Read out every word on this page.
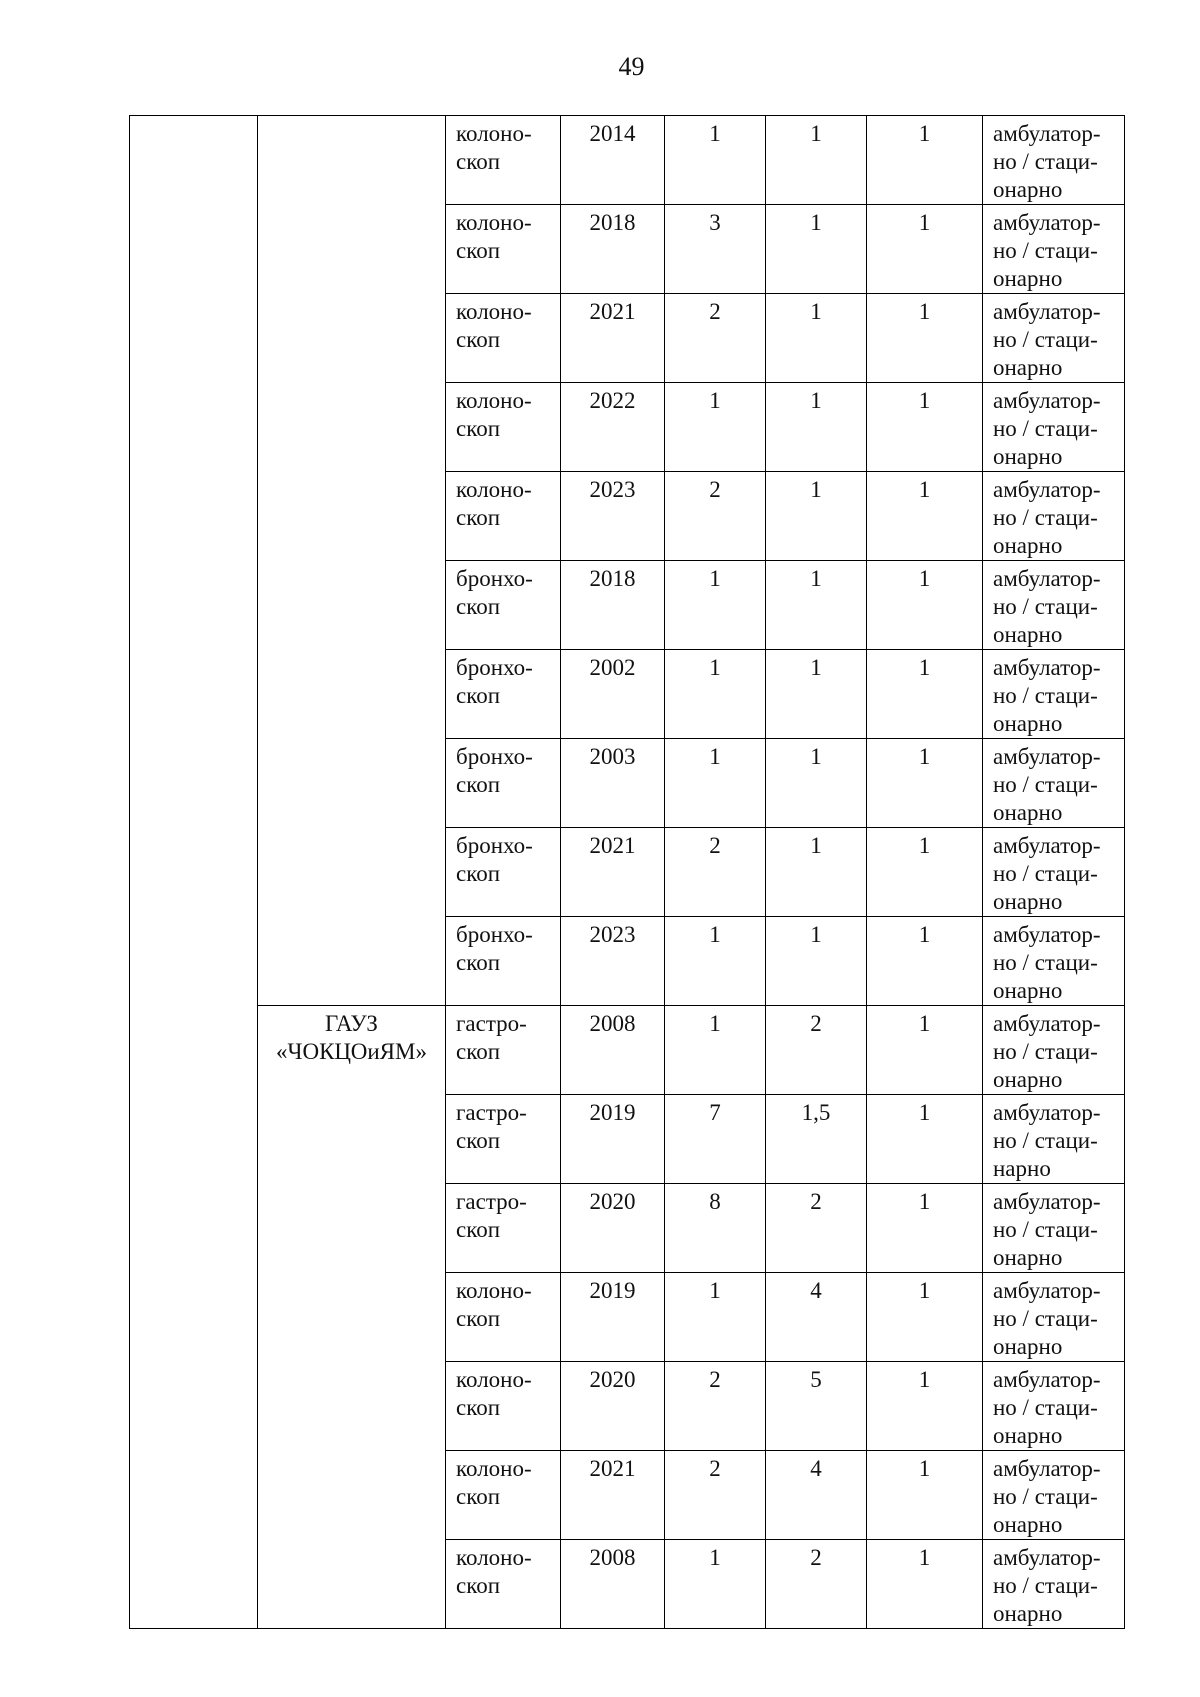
49

		колоно-
скоп	2014	1	1	1	амбулатор-
но / стаци-
онарно

		колоно-
скоп	2018	3	1	1	амбулатор-
но / стаци-
онарно

		колоно-
скоп	2021	2	1	1	амбулатор-
но / стаци-
онарно

		колоно-
скоп	2022	1	1	1	амбулатор-
но / стаци-
онарно

		колоно-
скоп	2023	2	1	1	амбулатор-
но / стаци-
онарно

		бронхо-
скоп	2018	1	1	1	амбулатор-
но / стаци-
онарно

		бронхо-
скоп	2002	1	1	1	амбулатор-
но / стаци-
онарно

		бронхо-
скоп	2003	1	1	1	амбулатор-
но / стаци-
онарно

		бронхо-
скоп	2021	2	1	1	амбулатор-
но / стаци-
онарно

		бронхо-
скоп	2023	1	1	1	амбулатор-
но / стаци-
онарно

	ГАУЗ
«ЧОКЦОиЯМ»	гастро-
скоп	2008	1	2	1	амбулатор-
но / стаци-
онарно

		гастро-
скоп	2019	7	1,5	1	амбулатор-
но / стаци-
нарно

		гастро-
скоп	2020	8	2	1	амбулатор-
но / стаци-
онарно

		колоно-
скоп	2019	1	4	1	амбулатор-
но / стаци-
онарно

		колоно-
скоп	2020	2	5	1	амбулатор-
но / стаци-
онарно

		колоно-
скоп	2021	2	4	1	амбулатор-
но / стаци-
онарно

		колоно-
скоп	2008	1	2	1	амбулатор-
но / стаци-
онарно
